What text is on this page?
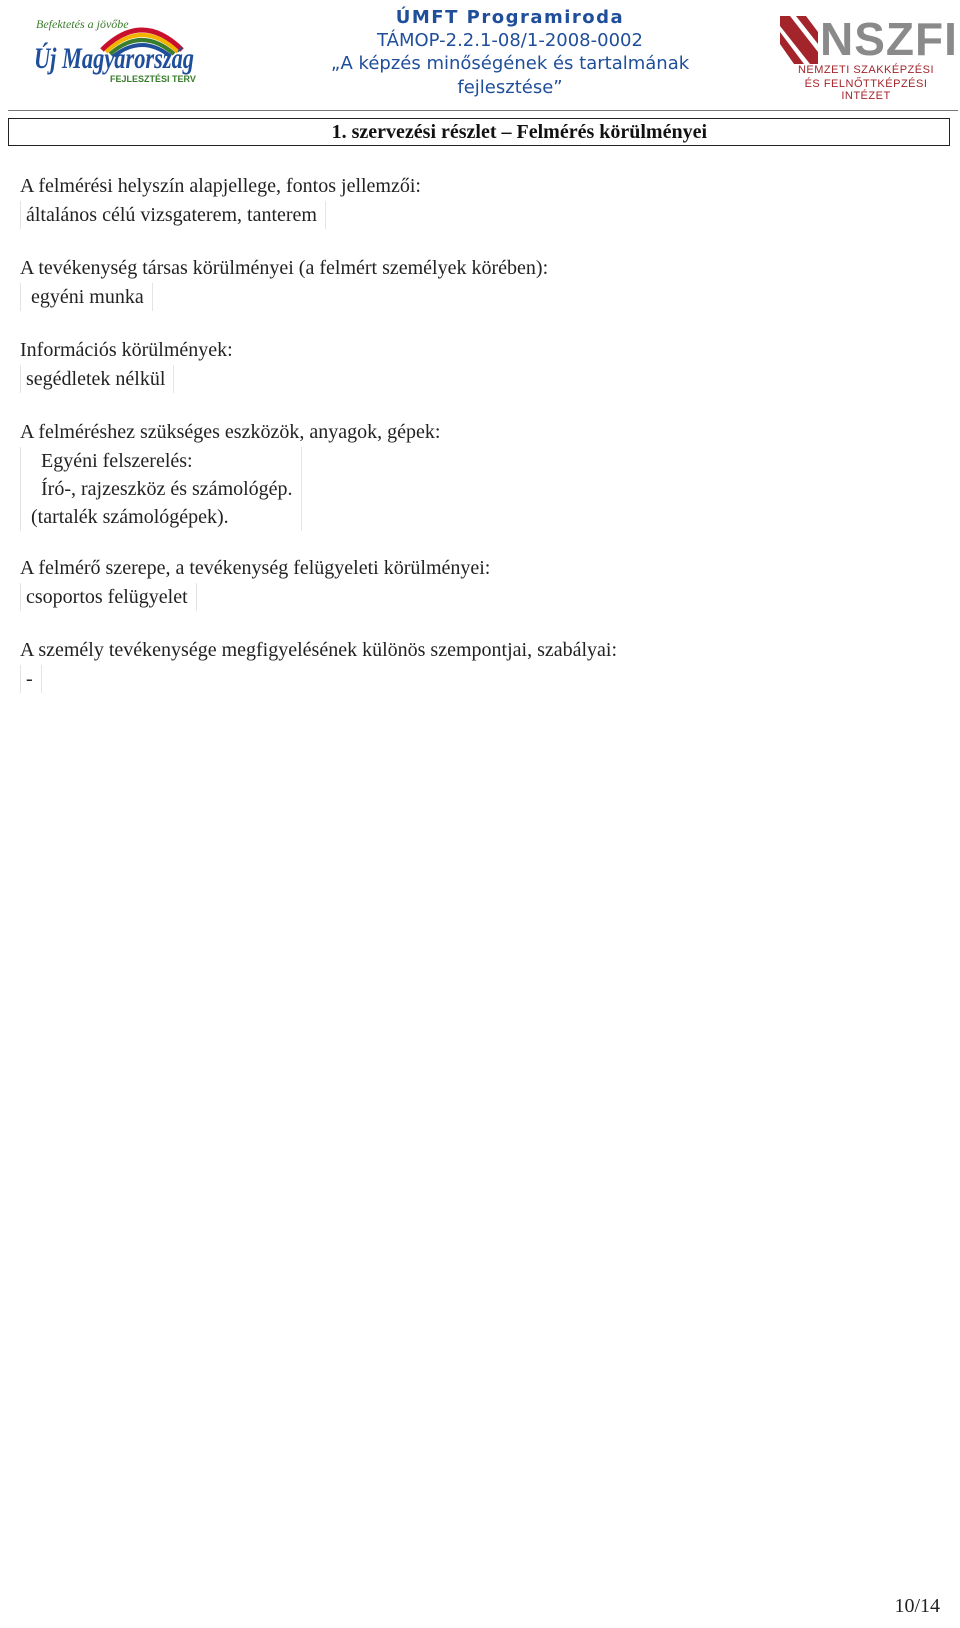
Befektetés a jövőbe
Új Magyarország
FEJLESZTÉSI TERV
ÚMFT Programiroda
TÁMOP-2.2.1-08/1-2008-0002
„A képzés minőségének és tartalmának
fejlesztése”
NSZFI
NEMZETI SZAKKÉPZÉSI
ÉS FELNŐTTKÉPZÉSI INTÉZET
1. szervezési részlet – Felmérés körülményei
A felmérési helyszín alapjellege, fontos jellemzői:
általános célú vizsgaterem, tanterem
A tevékenység társas körülményei (a felmért személyek körében):
egyéni munka
Információs körülmények:
segédletek nélkül
A felméréshez szükséges eszközök, anyagok, gépek:
Egyéni felszerelés:
Író-, rajzeszköz és számológép.
(tartalék számológépek).
A felmérő szerepe, a tevékenység felügyeleti körülményei:
csoportos felügyelet
A személy tevékenysége megfigyelésének különös szempontjai, szabályai:
-
10/14
